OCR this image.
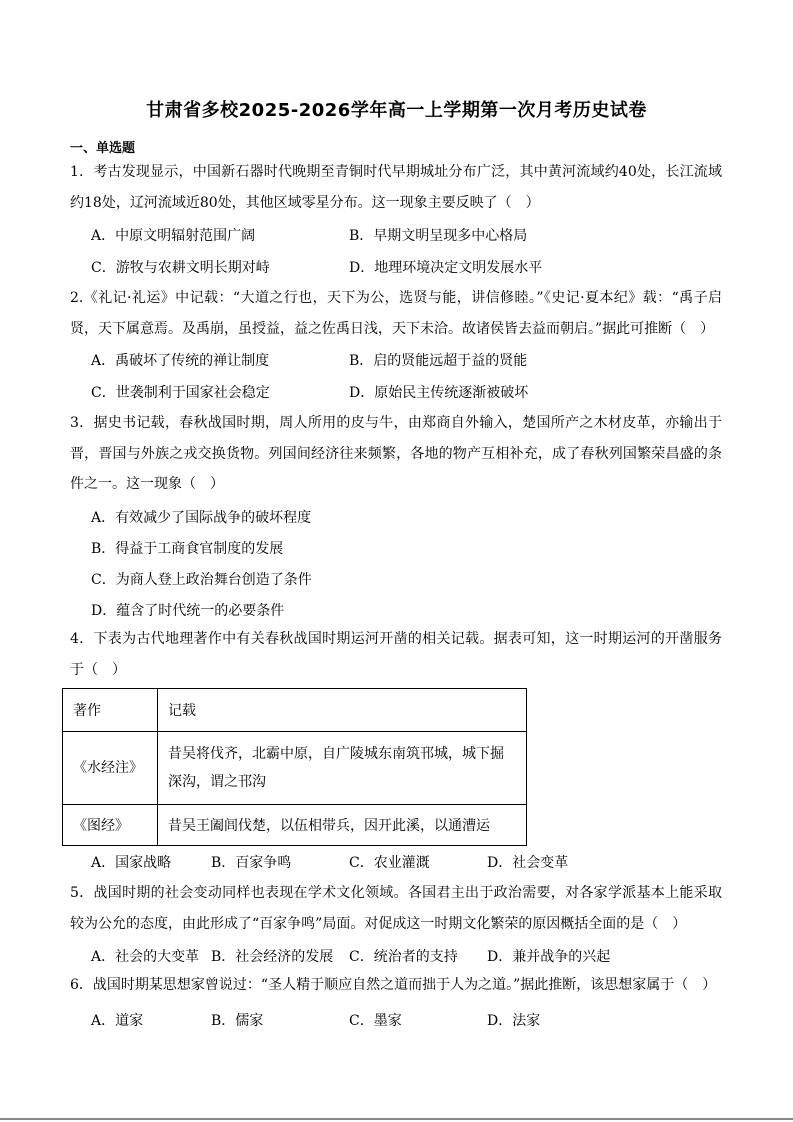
甘肃省多校2025-2026学年高一上学期第一次月考历史试卷
一、单选题
1．考古发现显示，中国新石器时代晚期至青铜时代早期城址分布广泛，其中黄河流域约40处，长江流域约18处，辽河流域近80处，其他区域零星分布。这一现象主要反映了（　）
A．中原文明辐射范围广阔	B．早期文明呈现多中心格局
C．游牧与农耕文明长期对峙	D．地理环境决定文明发展水平
2.《礼记·礼运》中记载：“大道之行也，天下为公，选贤与能，讲信修睦。”《史记·夏本纪》载：“禹子启贤，天下属意焉。及禹崩，虽授益，益之佐禹日浅，天下未洽。故诸侯皆去益而朝启。”据此可推断（　）
A．禹破坏了传统的禅让制度	B．启的贤能远超于益的贤能
C．世袭制利于国家社会稳定	D．原始民主传统逐渐被破坏
3．据史书记载，春秋战国时期，周人所用的皮与牛，由郑商自外输入，楚国所产之木材皮革，亦输出于晋，晋国与外族之戎交换货物。列国间经济往来频繁，各地的物产互相补充，成了春秋列国繁荣昌盛的条件之一。这一现象（　）
A．有效减少了国际战争的破坏程度
B．得益于工商食官制度的发展
C．为商人登上政治舞台创造了条件
D．蕴含了时代统一的必要条件
4．下表为古代地理著作中有关春秋战国时期运河开凿的相关记载。据表可知，这一时期运河的开凿服务于（　）
著作	记载
《水经注》	昔吴将伐齐，北霸中原，自广陵城东南筑邗城，城下掘深沟，谓之邗沟
《图经》	昔吴王阖闾伐楚，以伍相带兵，因开此溪，以通漕运
A．国家战略	B．百家争鸣	C．农业灌溉	D．社会变革
5．战国时期的社会变动同样也表现在学术文化领域。各国君主出于政治需要，对各家学派基本上能采取较为公允的态度，由此形成了“百家争鸣”局面。对促成这一时期文化繁荣的原因概括全面的是（　）
A．社会的大变革 B．社会经济的发展 C．统治者的支持 D．兼并战争的兴起
6．战国时期某思想家曾说过：“圣人精于顺应自然之道而拙于人为之道。”据此推断，该思想家属于（　）
A．道家	B．儒家	C．墨家	D．法家
